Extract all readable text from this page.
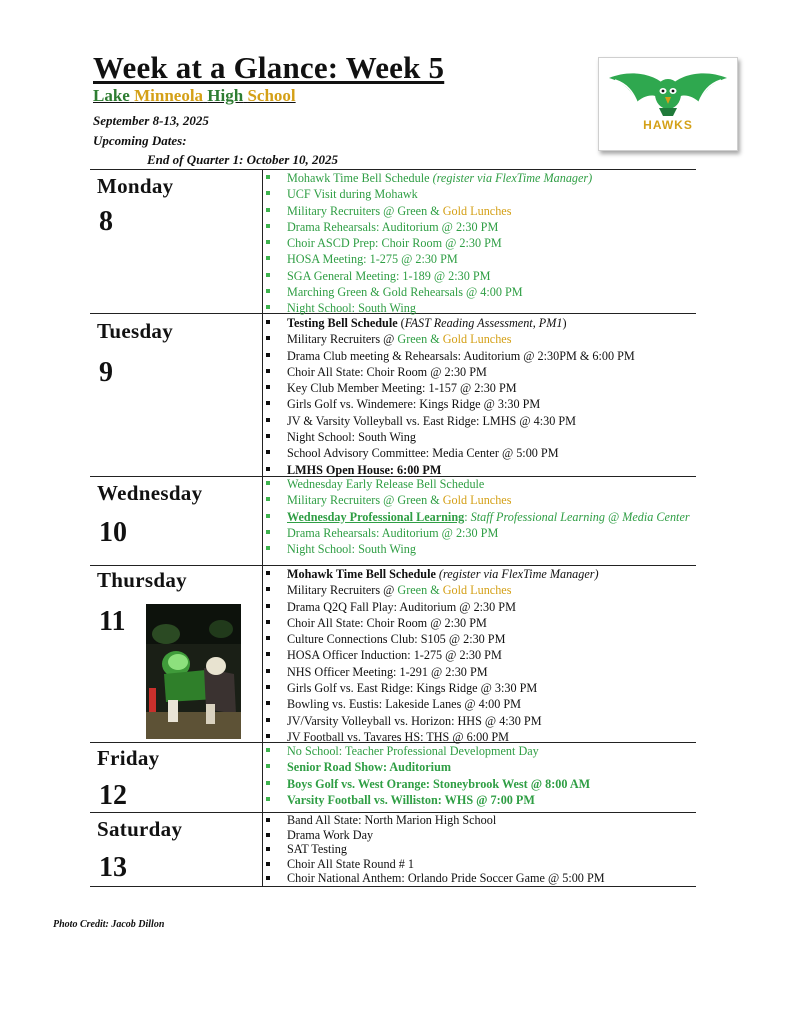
Week at a Glance: Week 5
Lake Minneola High School
September 8-13, 2025
Upcoming Dates:
End of Quarter 1: October 10, 2025
HAWKS
Monday
8
Mohawk Time Bell Schedule (register via FlexTime Manager)
UCF Visit during Mohawk
Military Recruiters @ Green & Gold Lunches
Drama Rehearsals: Auditorium @ 2:30 PM
Choir ASCD Prep: Choir Room @ 2:30 PM
HOSA Meeting: 1-275 @ 2:30 PM
SGA General Meeting: 1-189 @ 2:30 PM
Marching Green & Gold Rehearsals @ 4:00 PM
Night School: South Wing
Tuesday
9
Testing Bell Schedule (FAST Reading Assessment, PM1)
Military Recruiters @ Green & Gold Lunches
Drama Club meeting & Rehearsals: Auditorium @ 2:30PM & 6:00 PM
Choir All State: Choir Room @ 2:30 PM
Key Club Member Meeting: 1-157 @ 2:30 PM
Girls Golf vs. Windemere: Kings Ridge @ 3:30 PM
JV & Varsity Volleyball vs. East Ridge: LMHS @ 4:30 PM
Night School: South Wing
School Advisory Committee: Media Center @ 5:00 PM
LMHS Open House: 6:00 PM
Wednesday
10
Wednesday Early Release Bell Schedule
Military Recruiters @ Green & Gold Lunches
Wednesday Professional Learning: Staff Professional Learning @ Media Center
Drama Rehearsals: Auditorium @ 2:30 PM
Night School: South Wing
Thursday
11
Mohawk Time Bell Schedule (register via FlexTime Manager)
Military Recruiters @ Green & Gold Lunches
Drama Q2Q Fall Play: Auditorium @ 2:30 PM
Choir All State: Choir Room @ 2:30 PM
Culture Connections Club: S105 @ 2:30 PM
HOSA Officer Induction: 1-275 @ 2:30 PM
NHS Officer Meeting: 1-291 @ 2:30 PM
Girls Golf vs. East Ridge: Kings Ridge @ 3:30 PM
Bowling vs. Eustis: Lakeside Lanes @ 4:00 PM
JV/Varsity Volleyball vs. Horizon: HHS @ 4:30 PM
JV Football vs. Tavares HS: THS @ 6:00 PM
Friday
12
No School: Teacher Professional Development Day
Senior Road Show: Auditorium
Boys Golf vs. West Orange: Stoneybrook West @ 8:00 AM
Varsity Football vs. Williston: WHS @ 7:00 PM
Saturday
13
Band All State: North Marion High School
Drama Work Day
SAT Testing
Choir All State Round # 1
Choir National Anthem: Orlando Pride Soccer Game @ 5:00 PM
Photo Credit: Jacob Dillon
